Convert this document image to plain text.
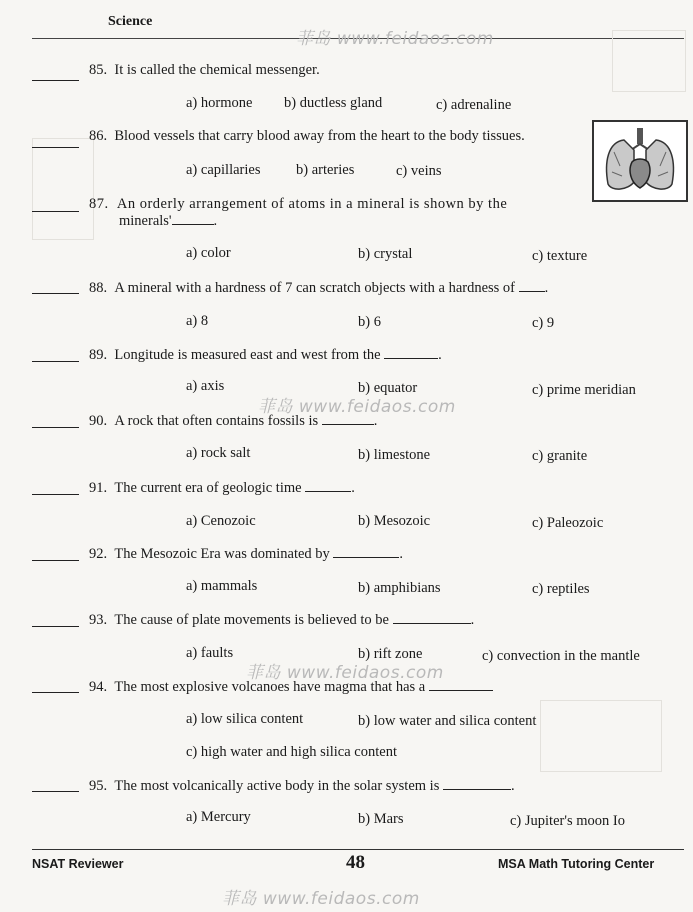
Science
菲岛 www.feidaos.com
85. It is called the chemical messenger.
a) hormone b) ductless gland	c) adrenaline
86. Blood vessels that carry blood away from the heart to the body tissues.
a) capillaries b) arteries	c) veins
87. An orderly arrangement of atoms in a mineral is shown by the
minerals'	.
a) color	b) crystal	c) texture
88. A mineral with a hardness of 7 can scratch objects with a hardness of .
a) 8	b) 6	c) 9
89. Longitude is measured east and west from the	.
a) axis	b) equator	c) prime meridian
菲岛 www.feidaos.com
90. A rock that often contains fossils is	.
a) rock salt	b) limestone	c) granite
91. The current era of geologic time	.
a) Cenozoic	b) Mesozoic	c) Paleozoic
92. The Mesozoic Era was dominated by	.
a) mammals	b) amphibians	c) reptiles
93. The cause of plate movements is believed to be	.
a) faults	b) rift zone	c) convection in the mantle
菲岛 www.feidaos.com
94. The most explosive volcanoes have magma that has a
a) low silica content	b) low water and silica content
c) high water and high silica content
95. The most volcanically active body in the solar system is	.
a) Mercury	b) Mars	c) Jupiter's moon Io
NSAT Reviewer	48	MSA Math Tutoring Center
菲岛 www.feidaos.com
